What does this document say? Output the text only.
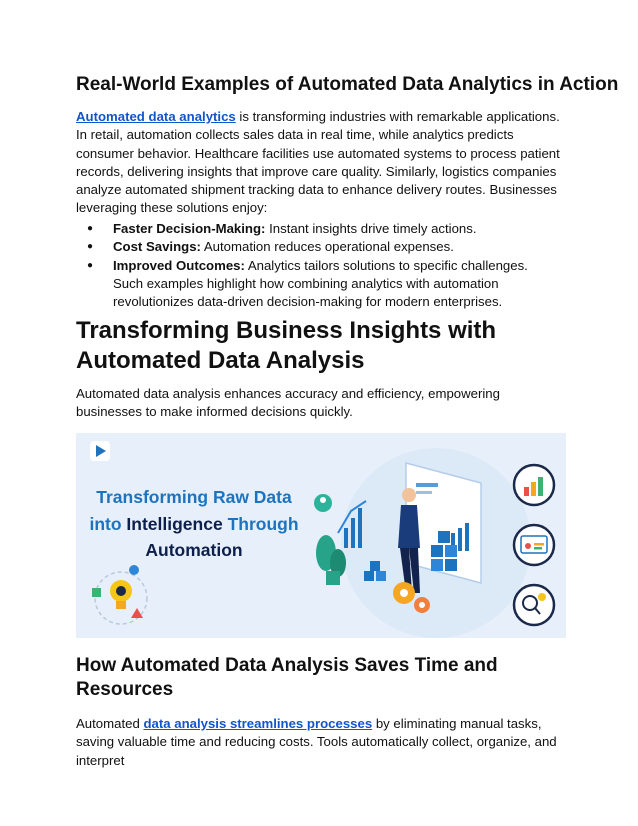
Real-World Examples of Automated Data Analytics in Action

Automated data analytics is transforming industries with remarkable applications. In retail, automation collects sales data in real time, while analytics predicts consumer behavior. Healthcare facilities use automated systems to process patient records, delivering insights that improve care quality. Similarly, logistics companies analyze automated shipment tracking data to enhance delivery routes. Businesses leveraging these solutions enjoy:

● Faster Decision-Making: Instant insights drive timely actions.
● Cost Savings: Automation reduces operational expenses.
● Improved Outcomes: Analytics tailors solutions to specific challenges.
Such examples highlight how combining analytics with automation revolutionizes data-driven decision-making for modern enterprises.
Transforming Business Insights with Automated Data Analysis

Automated data analysis enhances accuracy and efficiency, empowering businesses to make informed decisions quickly.

Transforming Raw Data
into Intelligence Through
Automation
How Automated Data Analysis Saves Time and Resources

Automated data analysis streamlines processes by eliminating manual tasks, saving valuable time and reducing costs. Tools automatically collect, organize, and interpret
